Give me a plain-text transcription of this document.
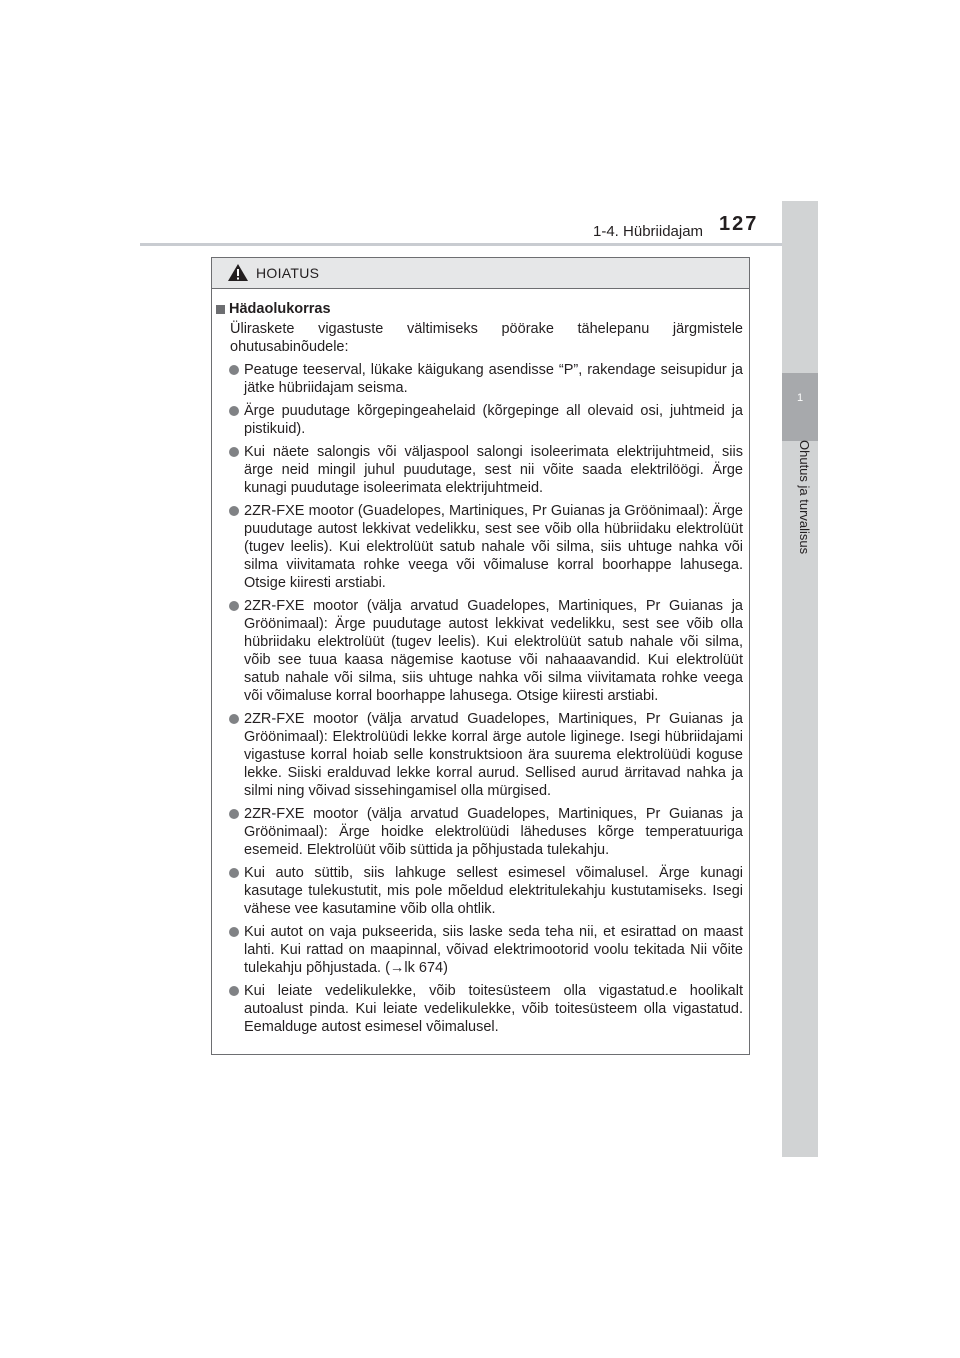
1-4. Hübriidajam 127
1
Ohutus ja turvalisus
HOIATUS
Hädaolukorras
Üliraskete vigastuste vältimiseks pöörake tähelepanu järgmistele ohutusabinõudele:
Peatuge teeserval, lükake käigukang asendisse “P”, rakendage seisupidur ja jätke hübriidajam seisma.
Ärge puudutage kõrgepingeahelaid (kõrgepinge all olevaid osi, juhtmeid ja pistikuid).
Kui näete salongis või väljaspool salongi isoleerimata elektrijuhtmeid, siis ärge neid mingil juhul puudutage, sest nii võite saada elektrilöögi. Ärge kunagi puudutage isoleerimata elektrijuhtmeid.
2ZR-FXE mootor (Guadelopes, Martiniques, Pr Guianas ja Gröönimaal): Ärge puudutage autost lekkivat vedelikku, sest see võib olla hübriidaku elektrolüüt (tugev leelis). Kui elektrolüüt satub nahale või silma, siis uhtuge nahka või silma viivitamata rohke veega või võimaluse korral boorhappe lahusega. Otsige kiiresti arstiabi.
2ZR-FXE mootor (välja arvatud Guadelopes, Martiniques, Pr Guianas ja Gröönimaal): Ärge puudutage autost lekkivat vedelikku, sest see võib olla hübriidaku elektrolüüt (tugev leelis). Kui elektrolüüt satub nahale või silma, võib see tuua kaasa nägemise kaotuse või nahaaavandid. Kui elektrolüüt satub nahale või silma, siis uhtuge nahka või silma viivitamata rohke veega või võimaluse korral boorhappe lahusega. Otsige kiiresti arstiabi.
2ZR-FXE mootor (välja arvatud Guadelopes, Martiniques, Pr Guianas ja Gröönimaal): Elektrolüüdi lekke korral ärge autole liginege. Isegi hübriidajami vigastuse korral hoiab selle konstruktsioon ära suurema elektrolüüdi koguse lekke. Siiski eralduvad lekke korral aurud. Sellised aurud ärritavad nahka ja silmi ning võivad sissehingamisel olla mürgised.
2ZR-FXE mootor (välja arvatud Guadelopes, Martiniques, Pr Guianas ja Gröönimaal): Ärge hoidke elektrolüüdi läheduses kõrge temperatuuriga esemeid. Elektrolüüt võib süttida ja põhjustada tulekahju.
Kui auto süttib, siis lahkuge sellest esimesel võimalusel. Ärge kunagi kasutage tulekustutit, mis pole mõeldud elektritulekahju kustutamiseks. Isegi vähese vee kasutamine võib olla ohtlik.
Kui autot on vaja pukseerida, siis laske seda teha nii, et esirattad on maast lahti. Kui rattad on maapinnal, võivad elektrimootorid voolu tekitada Nii võite tulekahju põhjustada. (→lk 674)
Kui leiate vedelikulekke, võib toitesüsteem olla vigastatud.e hoolikalt autoalust pinda. Kui leiate vedelikulekke, võib toitesüsteem olla vigastatud. Eemalduge autost esimesel võimalusel.
